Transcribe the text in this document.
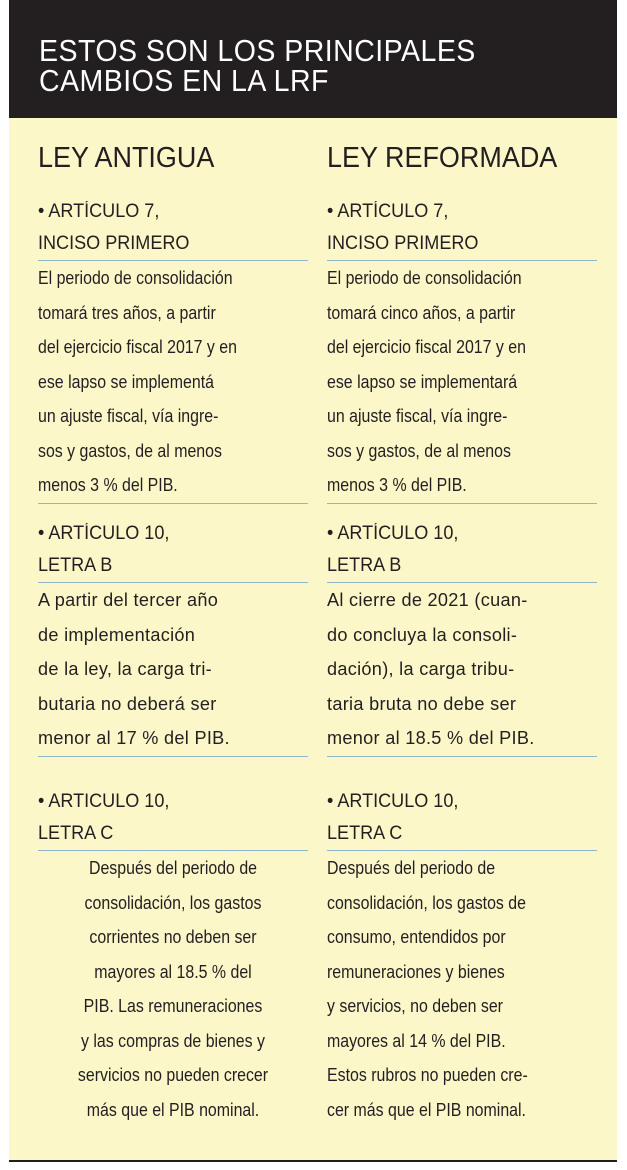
ESTOS SON LOS PRINCIPALES
CAMBIOS EN LA LRF
LEY ANTIGUA
• ARTÍCULO 7,
INCISO PRIMERO
El periodo de consolidación
tomará tres años, a partir
del ejercicio fiscal 2017 y en
ese lapso se implementá
un ajuste fiscal, vía ingre-
sos y gastos, de al menos
menos 3 % del PIB.
• ARTÍCULO 10,
LETRA B
A partir del tercer año
de implementación
de la ley, la carga tri-
butaria no deberá ser
menor al 17 % del PIB.
• ARTICULO 10,
LETRA C
Después del periodo de
consolidación, los gastos
corrientes no deben ser
mayores al 18.5 % del
PIB. Las remuneraciones
y las compras de bienes y
servicios no pueden crecer
más que el PIB nominal.
LEY REFORMADA
• ARTÍCULO 7,
INCISO PRIMERO
El periodo de consolidación
tomará cinco años, a partir
del ejercicio fiscal 2017 y en
ese lapso se implementará
un ajuste fiscal, vía ingre-
sos y gastos, de al menos
menos 3 % del PIB.
• ARTÍCULO 10,
LETRA B
Al cierre de 2021 (cuan-
do concluya la consoli-
dación), la carga tribu-
taria bruta no debe ser
menor al 18.5 % del PIB.
• ARTICULO 10,
LETRA C
Después del periodo de
consolidación, los gastos de
consumo, entendidos por
remuneraciones y bienes
y servicios, no deben ser
mayores al 14 % del PIB.
Estos rubros no pueden cre-
cer más que el PIB nominal.
